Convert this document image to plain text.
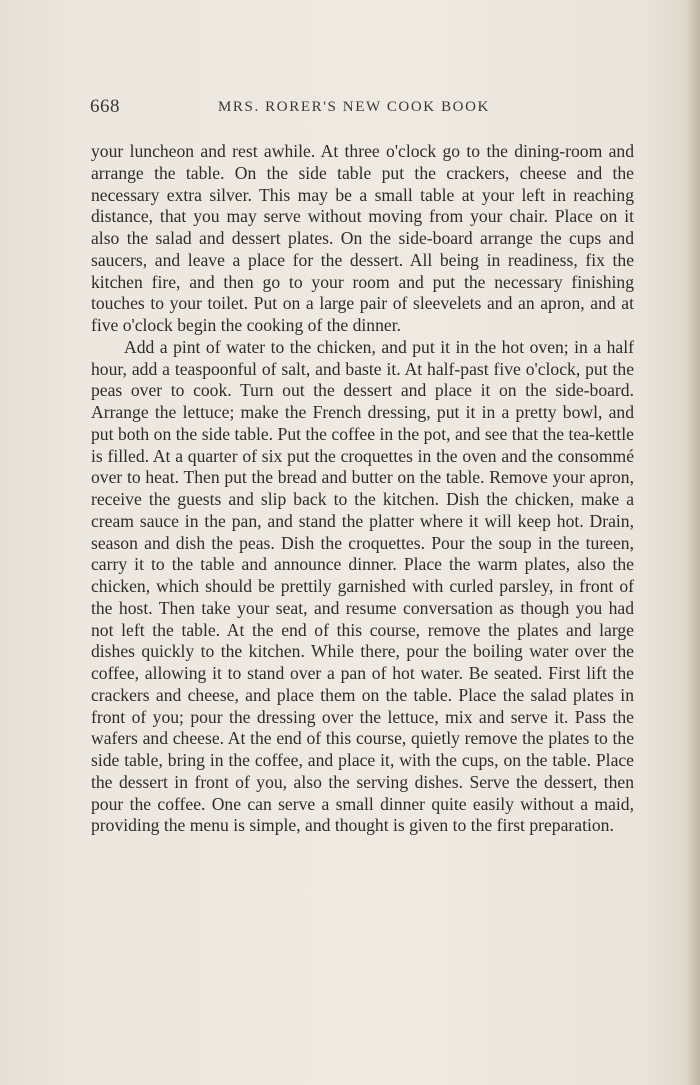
668	MRS. RORER'S NEW COOK BOOK

your luncheon and rest awhile. At three o'clock go to the dining-room and arrange the table. On the side table put the crackers, cheese and the necessary extra silver. This may be a small table at your left in reaching distance, that you may serve without moving from your chair. Place on it also the salad and dessert plates. On the side-board arrange the cups and saucers, and leave a place for the dessert. All being in readiness, fix the kitchen fire, and then go to your room and put the necessary finishing touches to your toilet. Put on a large pair of sleevelets and an apron, and at five o'clock begin the cooking of the dinner.

Add a pint of water to the chicken, and put it in the hot oven; in a half hour, add a teaspoonful of salt, and baste it. At half-past five o'clock, put the peas over to cook. Turn out the dessert and place it on the side-board. Arrange the lettuce; make the French dressing, put it in a pretty bowl, and put both on the side table. Put the coffee in the pot, and see that the tea-kettle is filled. At a quarter of six put the croquettes in the oven and the consommé over to heat. Then put the bread and butter on the table. Remove your apron, receive the guests and slip back to the kitchen. Dish the chicken, make a cream sauce in the pan, and stand the platter where it will keep hot. Drain, season and dish the peas. Dish the croquettes. Pour the soup in the tureen, carry it to the table and announce dinner. Place the warm plates, also the chicken, which should be prettily garnished with curled parsley, in front of the host. Then take your seat, and resume conversation as though you had not left the table. At the end of this course, remove the plates and large dishes quickly to the kitchen. While there, pour the boiling water over the coffee, allowing it to stand over a pan of hot water. Be seated. First lift the crackers and cheese, and place them on the table. Place the salad plates in front of you; pour the dressing over the lettuce, mix and serve it. Pass the wafers and cheese. At the end of this course, quietly remove the plates to the side table, bring in the coffee, and place it, with the cups, on the table. Place the dessert in front of you, also the serving dishes. Serve the dessert, then pour the coffee. One can serve a small dinner quite easily without a maid, providing the menu is simple, and thought is given to the first preparation.
